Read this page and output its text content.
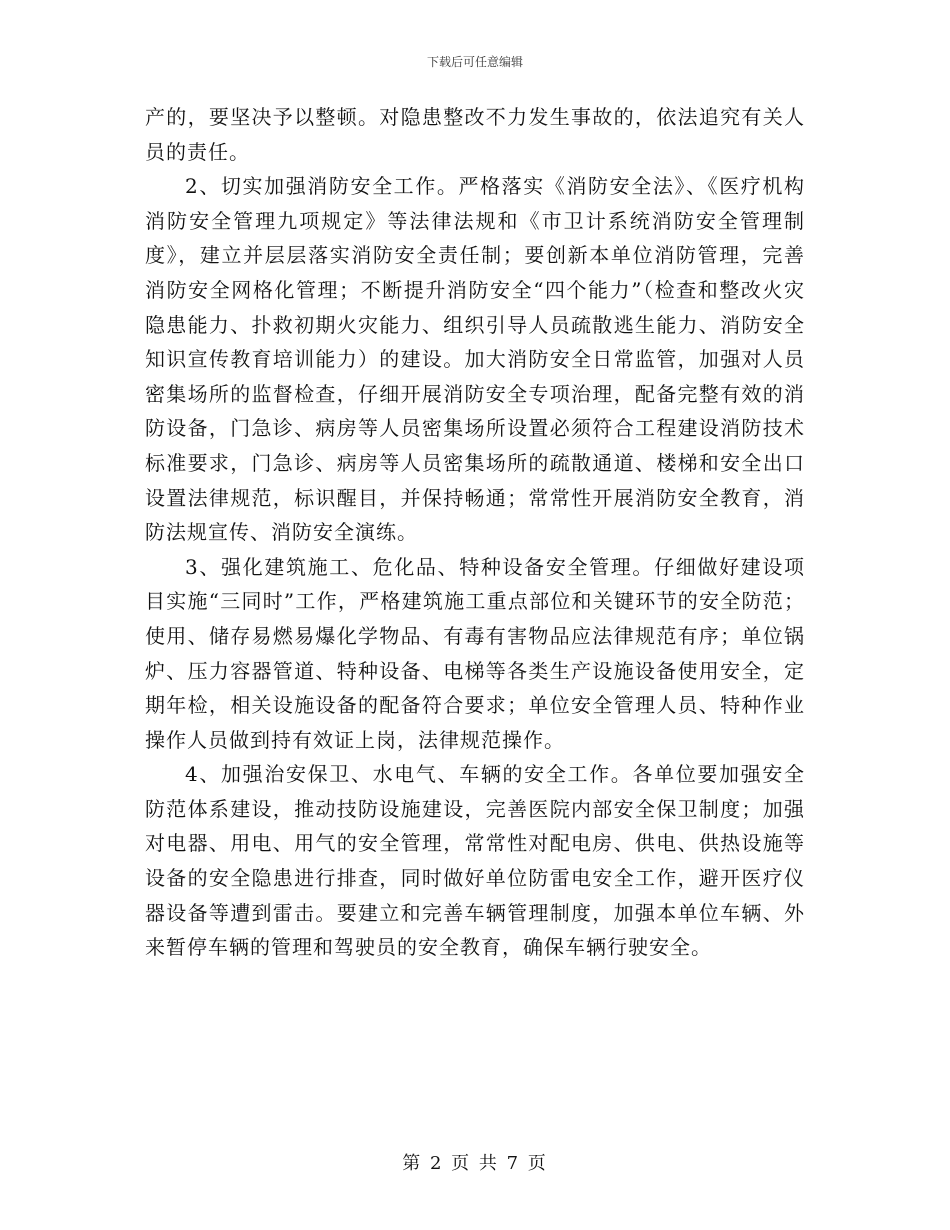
下载后可任意编辑

产的，要坚决予以整顿。对隐患整改不力发生事故的，依法追究有关人员的责任。

2、切实加强消防安全工作。严格落实《消防安全法》、《医疗机构消防安全管理九项规定》等法律法规和《市卫计系统消防安全管理制度》，建立并层层落实消防安全责任制；要创新本单位消防管理，完善消防安全网格化管理；不断提升消防安全“四个能力”（检查和整改火灾隐患能力、扑救初期火灾能力、组织引导人员疏散逃生能力、消防安全知识宣传教育培训能力）的建设。加大消防安全日常监管，加强对人员密集场所的监督检查，仔细开展消防安全专项治理，配备完整有效的消防设备，门急诊、病房等人员密集场所设置必须符合工程建设消防技术标准要求，门急诊、病房等人员密集场所的疏散通道、楼梯和安全出口设置法律规范，标识醒目，并保持畅通；常常性开展消防安全教育，消防法规宣传、消防安全演练。

3、强化建筑施工、危化品、特种设备安全管理。仔细做好建设项目实施“三同时”工作，严格建筑施工重点部位和关键环节的安全防范；使用、储存易燃易爆化学物品、有毒有害物品应法律规范有序；单位锅炉、压力容器管道、特种设备、电梯等各类生产设施设备使用安全，定期年检，相关设施设备的配备符合要求；单位安全管理人员、特种作业操作人员做到持有效证上岗，法律规范操作。

4、加强治安保卫、水电气、车辆的安全工作。各单位要加强安全防范体系建设，推动技防设施建设，完善医院内部安全保卫制度；加强对电器、用电、用气的安全管理，常常性对配电房、供电、供热设施等设备的安全隐患进行排查，同时做好单位防雷电安全工作，避开医疗仪器设备等遭到雷击。要建立和完善车辆管理制度，加强本单位车辆、外来暂停车辆的管理和驾驶员的安全教育，确保车辆行驶安全。

第 2 页 共 7 页
